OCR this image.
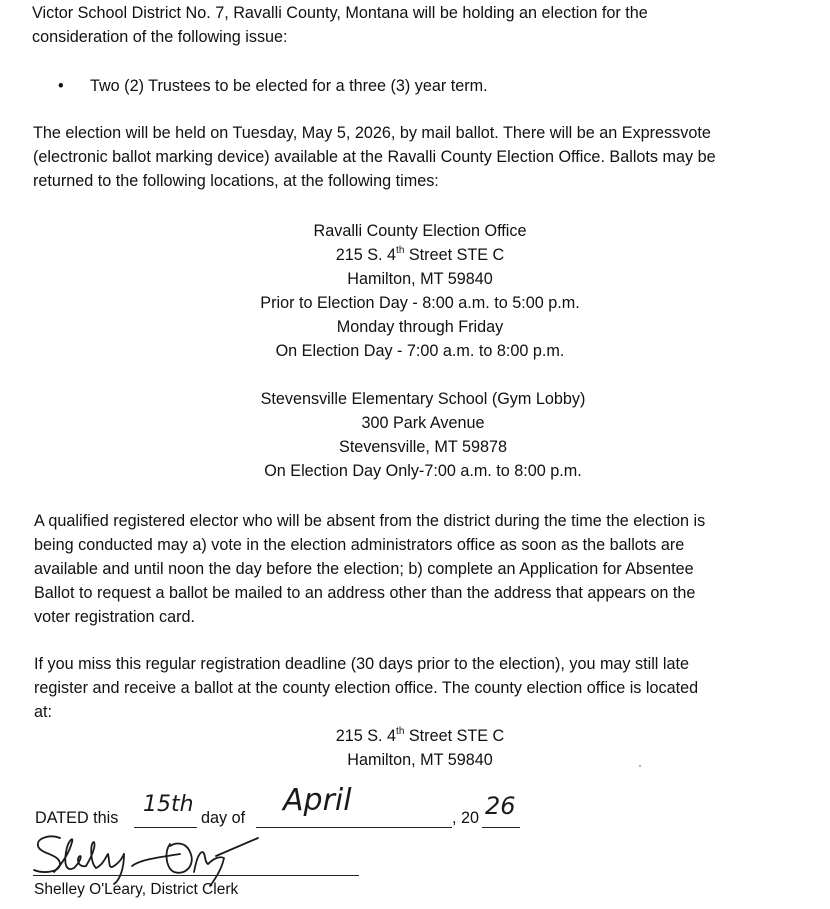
Victor School District No. 7, Ravalli County, Montana will be holding an election for the
consideration of the following issue:

• Two (2) Trustees to be elected for a three (3) year term.

The election will be held on Tuesday, May 5, 2026, by mail ballot. There will be an Expressvote
(electronic ballot marking device) available at the Ravalli County Election Office. Ballots may be
returned to the following locations, at the following times:

Ravalli County Election Office
215 S. 4th Street STE C
Hamilton, MT 59840
Prior to Election Day - 8:00 a.m. to 5:00 p.m.
Monday through Friday
On Election Day - 7:00 a.m. to 8:00 p.m.
Stevensville Elementary School (Gym Lobby)
300 Park Avenue
Stevensville, MT 59878
On Election Day Only-7:00 a.m. to 8:00 p.m.

A qualified registered elector who will be absent from the district during the time the election is
being conducted may a) vote in the election administrators office as soon as the ballots are
available and until noon the day before the election; b) complete an Application for Absentee
Ballot to request a ballot be mailed to an address other than the address that appears on the
voter registration card.

If you miss this regular registration deadline (30 days prior to the election), you may still late
register and receive a ballot at the county election office. The county election office is located
at:

215 S. 4th Street STE C
Hamilton, MT 59840
DATED this
15th
day of April	, 20 26
Shelley O'Leary, District Clerk
